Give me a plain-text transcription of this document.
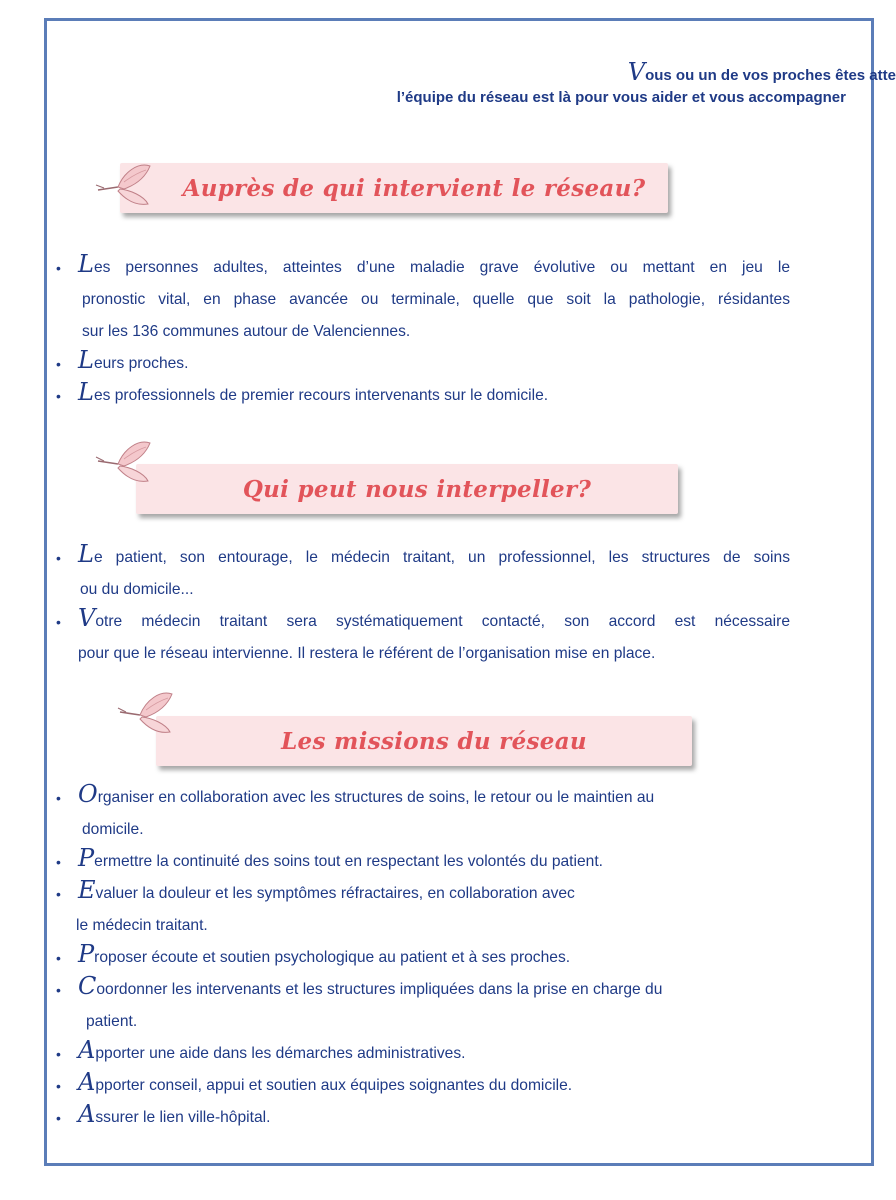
Vous ou un de vos proches êtes atte
l’équipe du réseau est là pour vous aider et vous accompagner
Auprès de qui intervient le réseau?
• Les personnes adultes, atteintes d’une maladie grave évolutive ou mettant en jeu le
pronostic vital, en phase avancée ou terminale, quelle que soit la pathologie, résidantes
sur les 136 communes autour de Valenciennes.
• Leurs proches.
• Les professionnels de premier recours intervenants sur le domicile.
Qui peut nous interpeller?
• Le patient, son entourage, le médecin traitant, un professionnel, les structures de soins
ou du domicile...
• Votre médecin traitant sera systématiquement contacté, son accord est nécessaire
pour que le réseau intervienne. Il restera le référent de l’organisation mise en place.
Les missions du réseau
• Organiser en collaboration avec les structures de soins, le retour ou le maintien au
domicile.
• Permettre la continuité des soins tout en respectant les volontés du patient.
• Evaluer la douleur et les symptômes réfractaires, en collaboration avec
le médecin traitant.
• Proposer écoute et soutien psychologique au patient et à ses proches.
• Coordonner les intervenants et les structures impliquées dans la prise en charge du
patient.
• Apporter une aide dans les démarches administratives.
• Apporter conseil, appui et soutien aux équipes soignantes du domicile.
• Assurer le lien ville-hôpital.
